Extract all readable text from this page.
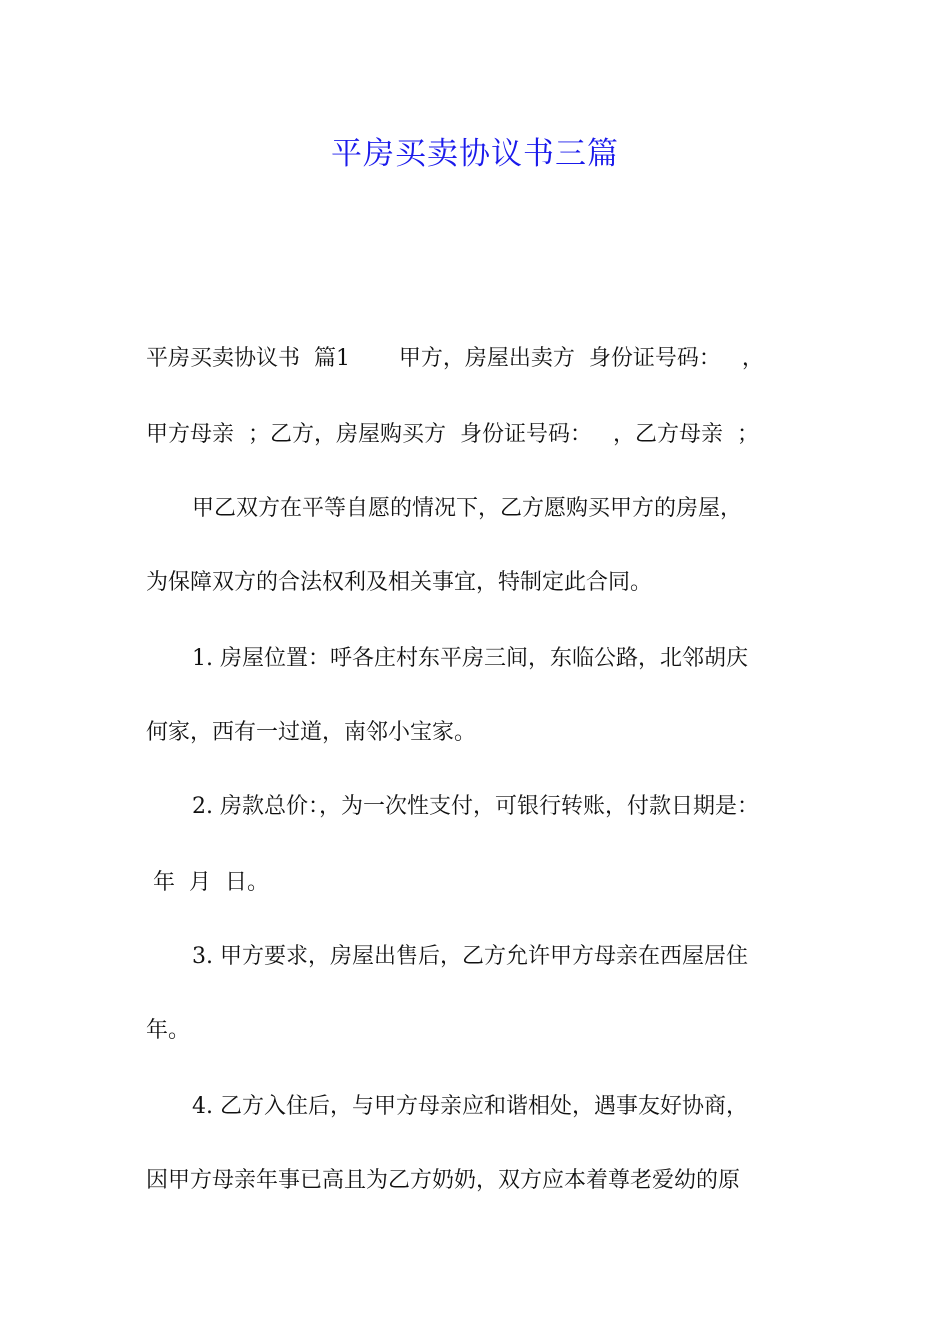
平房买卖协议书三篇
平房买卖协议书  篇1       甲方，房屋出卖方  身份证号码：   ，
甲方母亲  ；乙方，房屋购买方  身份证号码：   ，乙方母亲  ；
甲乙双方在平等自愿的情况下，乙方愿购买甲方的房屋，
为保障双方的合法权利及相关事宜，特制定此合同。
1. 房屋位置：呼各庄村东平房三间，东临公路，北邻胡庆
何家，西有一过道，南邻小宝家。
2. 房款总价：，为一次性支付，可银行转账，付款日期是：
年  月  日。
3. 甲方要求，房屋出售后，乙方允许甲方母亲在西屋居住
年。
4. 乙方入住后，与甲方母亲应和谐相处，遇事友好协商，
因甲方母亲年事已高且为乙方奶奶，双方应本着尊老爱幼的原
